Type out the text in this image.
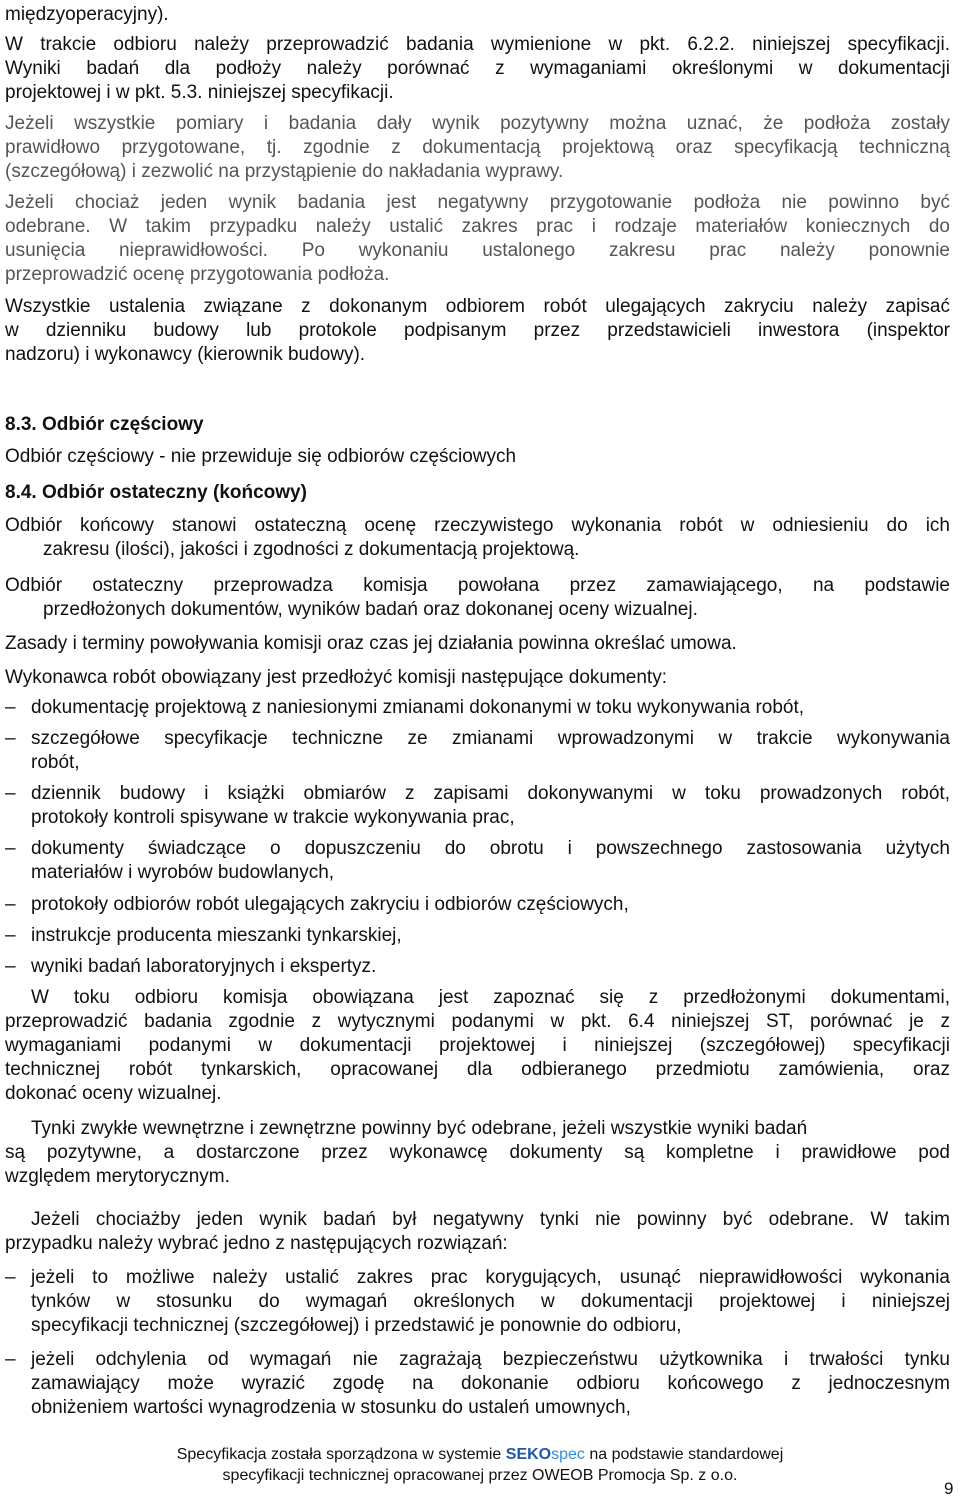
międzyoperacyjny).
W trakcie odbioru należy przeprowadzić badania wymienione w pkt. 6.2.2. niniejszej specyfikacji.
Wyniki badań dla podłoży należy porównać z wymaganiami określonymi w dokumentacji
projektowej i w pkt. 5.3. niniejszej specyfikacji.
Jeżeli wszystkie pomiary i badania dały wynik pozytywny można uznać, że podłoża zostały
prawidłowo przygotowane, tj. zgodnie z dokumentacją projektową oraz specyfikacją techniczną
(szczegółową) i zezwolić na przystąpienie do nakładania wyprawy.
Jeżeli chociaż jeden wynik badania jest negatywny przygotowanie podłoża nie powinno być
odebrane. W takim przypadku należy ustalić zakres prac i rodzaje materiałów koniecznych do
usunięcia nieprawidłowości. Po wykonaniu ustalonego zakresu prac należy ponownie
przeprowadzić ocenę przygotowania podłoża.
Wszystkie ustalenia związane z dokonanym odbiorem robót ulegających zakryciu należy zapisać
w dzienniku budowy lub protokole podpisanym przez przedstawicieli inwestora (inspektor
nadzoru) i wykonawcy (kierownik budowy).
8.3. Odbiór częściowy
Odbiór częściowy - nie przewiduje się odbiorów częściowych
8.4. Odbiór ostateczny (końcowy)
Odbiór końcowy stanowi ostateczną ocenę rzeczywistego wykonania robót w odniesieniu do ich
zakresu (ilości), jakości i zgodności z dokumentacją projektową.
Odbiór ostateczny przeprowadza komisja powołana przez zamawiającego, na podstawie
przedłożonych dokumentów, wyników badań oraz dokonanej oceny wizualnej.
Zasady i terminy powoływania komisji oraz czas jej działania powinna określać umowa.
Wykonawca robót obowiązany jest przedłożyć komisji następujące dokumenty:
dokumentację projektową z naniesionymi zmianami dokonanymi w toku wykonywania robót,
–
szczegółowe specyfikacje techniczne ze zmianami wprowadzonymi w trakcie wykonywania
–
robót,
dziennik budowy i książki obmiarów z zapisami dokonywanymi w toku prowadzonych robót,
–
protokoły kontroli spisywane w trakcie wykonywania prac,
dokumenty świadczące o dopuszczeniu do obrotu i powszechnego zastosowania użytych
–
materiałów i wyrobów budowlanych,
protokoły odbiorów robót ulegających zakryciu i odbiorów częściowych,
–
instrukcje producenta mieszanki tynkarskiej,
–
wyniki badań laboratoryjnych i ekspertyz.
–
W toku odbioru komisja obowiązana jest zapoznać się z przedłożonymi dokumentami,
przeprowadzić badania zgodnie z wytycznymi podanymi w pkt. 6.4 niniejszej ST, porównać je z
wymaganiami podanymi w dokumentacji projektowej i niniejszej (szczegółowej) specyfikacji
technicznej robót tynkarskich, opracowanej dla odbieranego przedmiotu zamówienia, oraz
dokonać oceny wizualnej.
Tynki zwykłe wewnętrzne i zewnętrzne powinny być odebrane, jeżeli wszystkie wyniki badań
są pozytywne, a dostarczone przez wykonawcę dokumenty są kompletne i prawidłowe pod
względem merytorycznym.
Jeżeli chociażby jeden wynik badań był negatywny tynki nie powinny być odebrane. W takim
przypadku należy wybrać jedno z następujących rozwiązań:
jeżeli to możliwe należy ustalić zakres prac korygujących, usunąć nieprawidłowości wykonania
–
tynków w stosunku do wymagań określonych w dokumentacji projektowej i niniejszej
specyfikacji technicznej (szczegółowej) i przedstawić je ponownie do odbioru,
jeżeli odchylenia od wymagań nie zagrażają bezpieczeństwu użytkownika i trwałości tynku
–
zamawiający może wyrazić zgodę na dokonanie odbioru końcowego z jednoczesnym
obniżeniem wartości wynagrodzenia w stosunku do ustaleń umownych,
Specyfikacja została sporządzona w systemie SEKOspec na podstawie standardowej
specyfikacji technicznej opracowanej przez OWEOB Promocja Sp. z o.o.
9
